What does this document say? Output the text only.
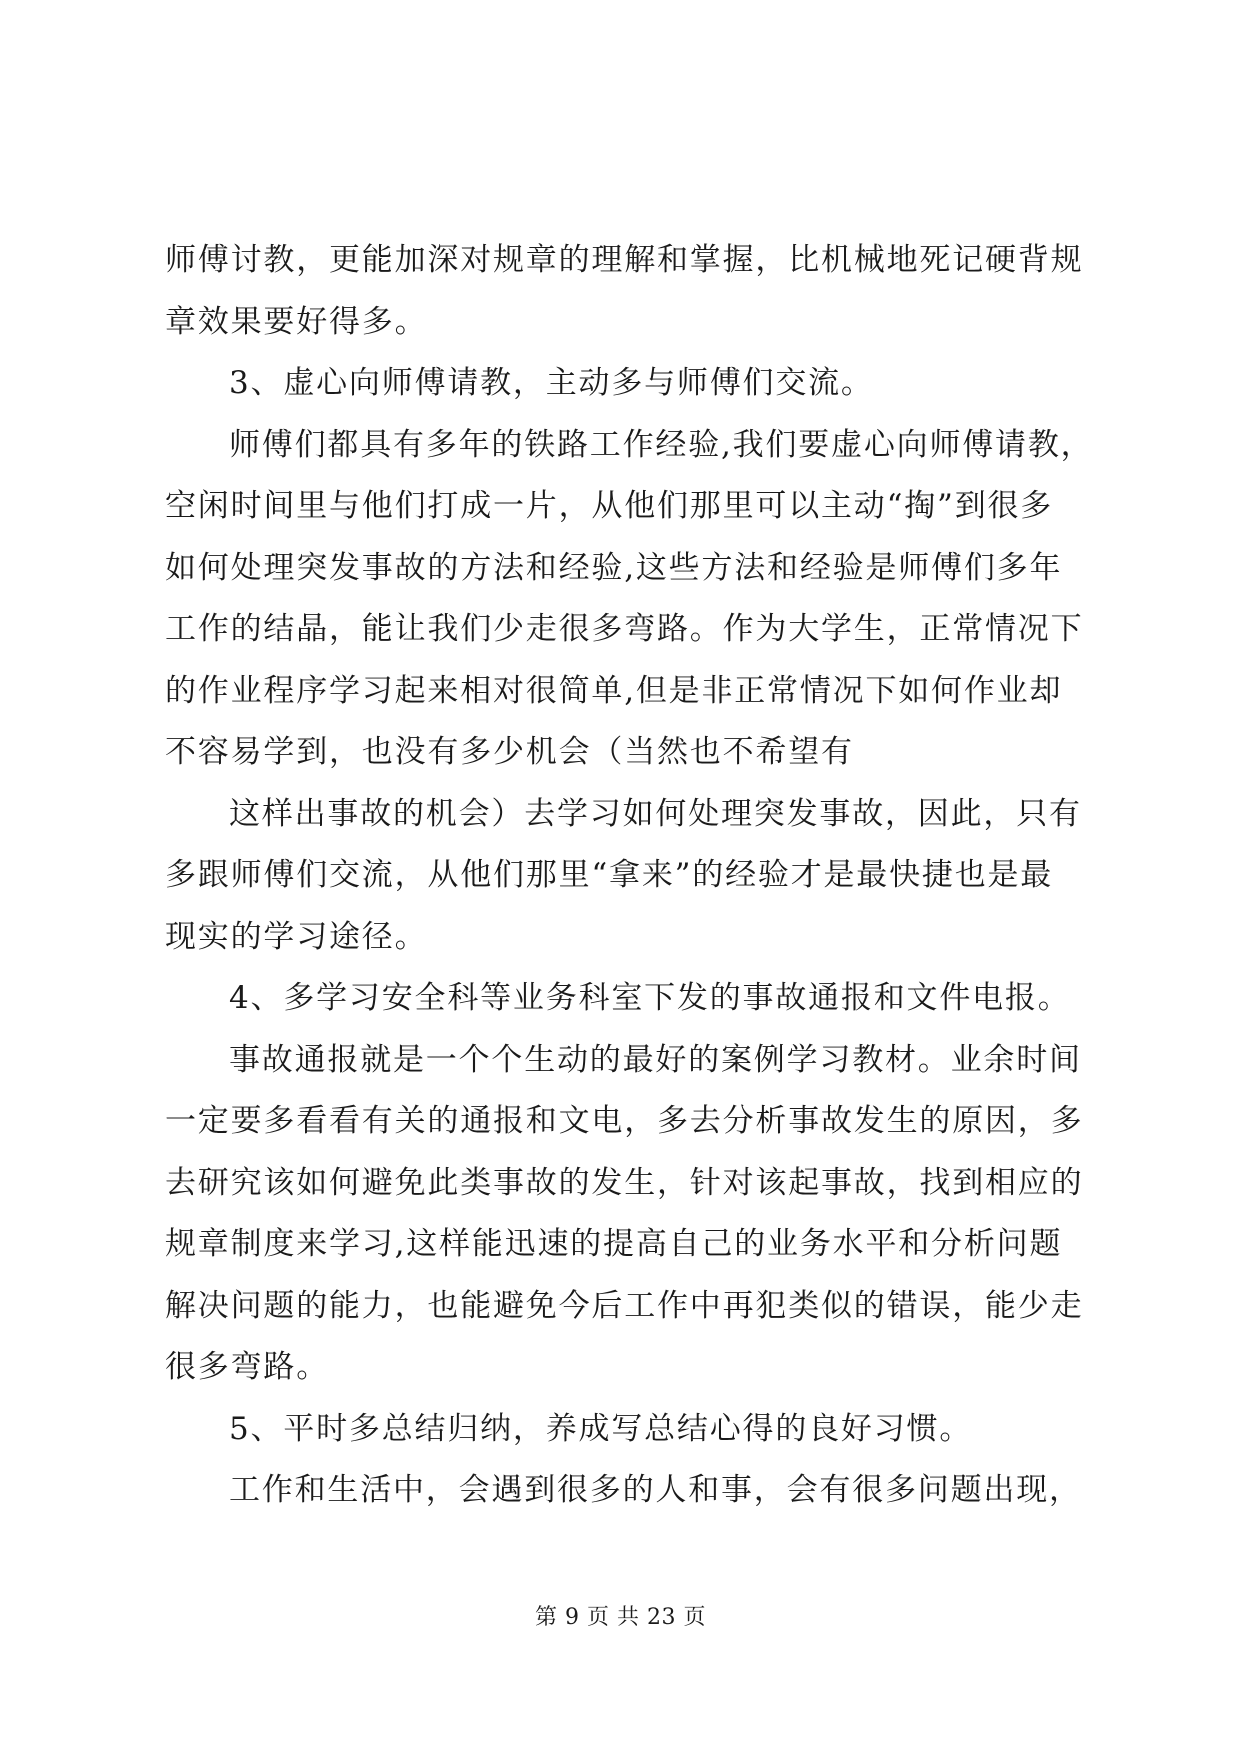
师傅讨教，更能加深对规章的理解和掌握，比机械地死记硬背规
章效果要好得多。
3、虚心向师傅请教，主动多与师傅们交流。
师傅们都具有多年的铁路工作经验,我们要虚心向师傅请教，
空闲时间里与他们打成一片，从他们那里可以主动“掏”到很多
如何处理突发事故的方法和经验,这些方法和经验是师傅们多年
工作的结晶，能让我们少走很多弯路。作为大学生，正常情况下
的作业程序学习起来相对很简单,但是非正常情况下如何作业却
不容易学到，也没有多少机会（当然也不希望有
这样出事故的机会）去学习如何处理突发事故，因此，只有
多跟师傅们交流，从他们那里“拿来”的经验才是最快捷也是最
现实的学习途径。
4、多学习安全科等业务科室下发的事故通报和文件电报。
事故通报就是一个个生动的最好的案例学习教材。业余时间
一定要多看看有关的通报和文电，多去分析事故发生的原因，多
去研究该如何避免此类事故的发生，针对该起事故，找到相应的
规章制度来学习,这样能迅速的提高自己的业务水平和分析问题
解决问题的能力，也能避免今后工作中再犯类似的错误，能少走
很多弯路。
5、平时多总结归纳，养成写总结心得的良好习惯。
工作和生活中，会遇到很多的人和事，会有很多问题出现，
第 9 页 共 23 页
